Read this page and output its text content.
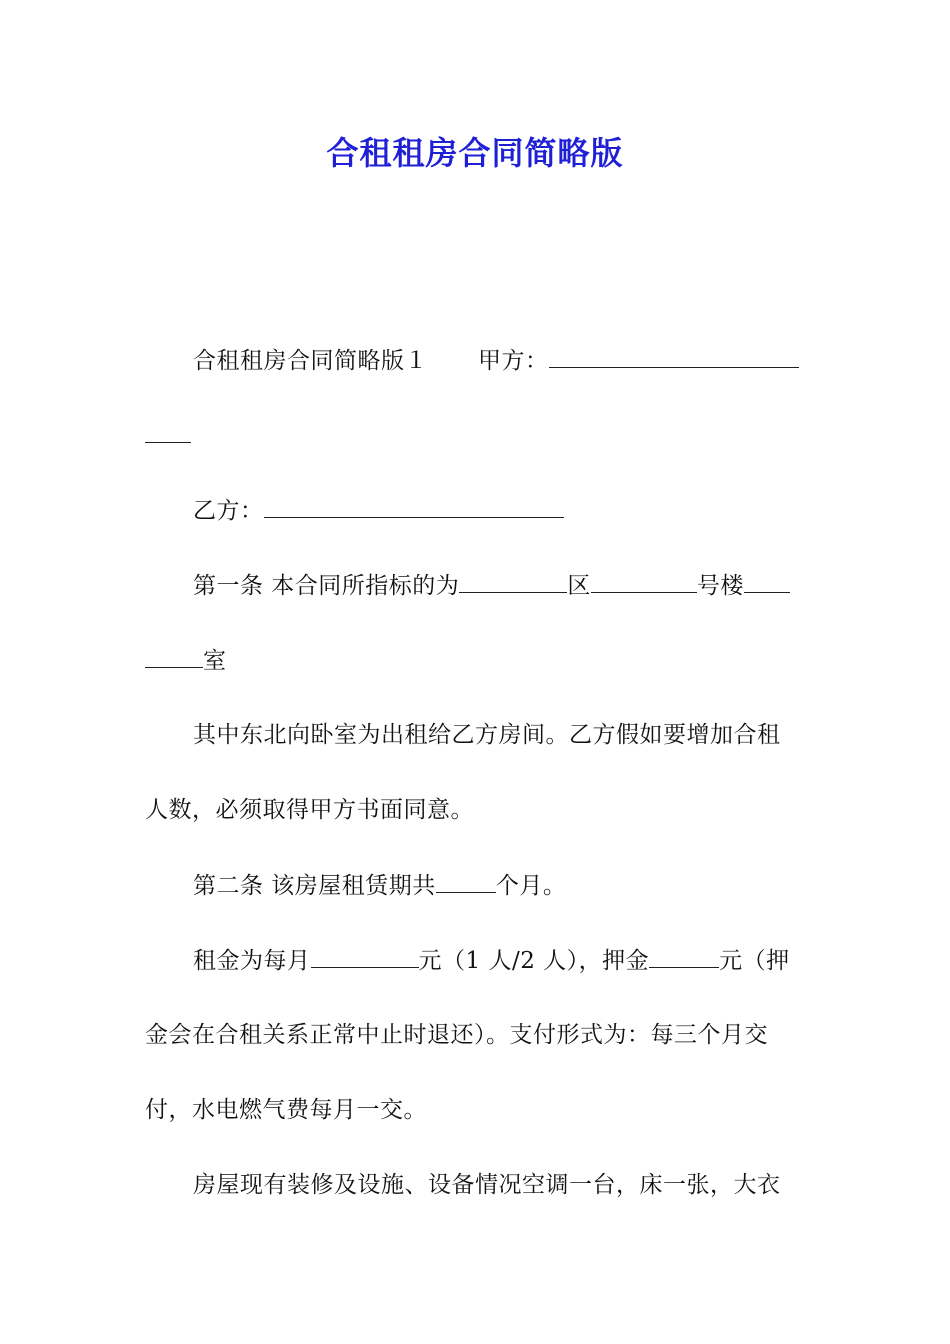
合租租房合同简略版
合租租房合同简略版１ 甲方：
乙方：
第一条 本合同所指标的为	区	号楼
室
其中东北向卧室为出租给乙方房间。乙方假如要增加合租
人数，必须取得甲方书面同意。
第二条 该房屋租赁期共	个月。
租金为每月	元（1 人/2 人），押金	元（押
金会在合租关系正常中止时退还）。支付形式为：每三个月交
付，水电燃气费每月一交。
房屋现有装修及设施、设备情况空调一台，床一张，大衣
